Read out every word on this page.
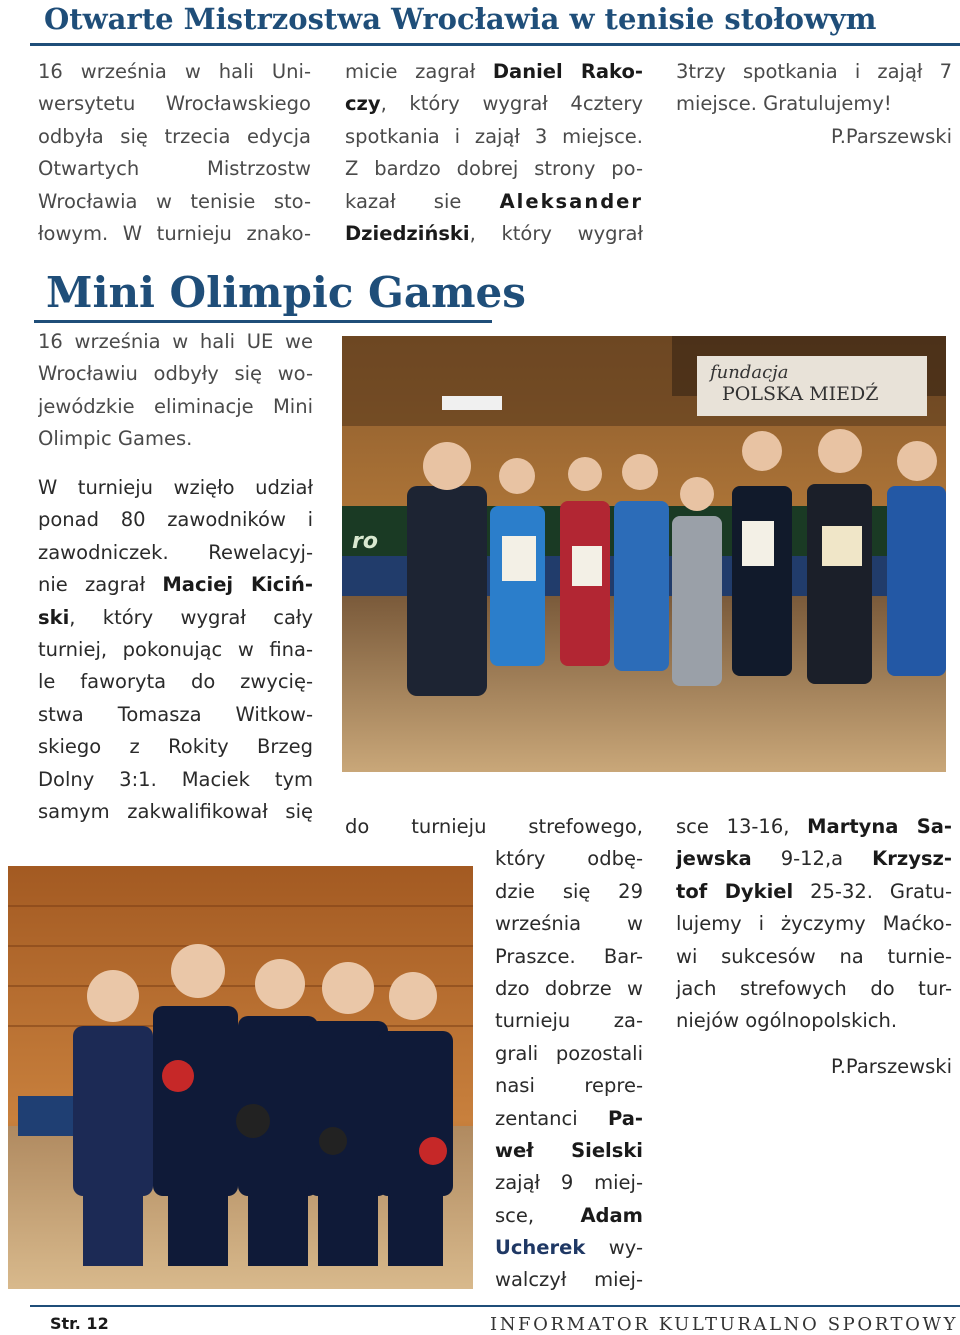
Otwarte Mistrzostwa Wrocławia w tenisie stołowym
16 września w hali Uni-
wersytetu Wrocławskiego
odbyła się trzecia edycja
Otwartych Mistrzostw
Wrocławia w tenisie sto-
łowym. W turnieju znako-
micie zagrał Daniel Rako-
czy, który wygrał 4cztery
spotkania i zajął 3 miejsce.
Z bardzo dobrej strony po-
kazał sie Aleksander
Dziedziński, który wygrał
3trzy spotkania i zajął 7
miejsce. Gratulujemy!
P.Parszewski
Mini Olimpic Games
16 września w hali UE we
Wrocławiu odbyły się wo-
jewódzkie eliminacje Mini
Olimpic Games.
W turnieju wzięło udział
ponad 80 zawodników i
zawodniczek. Rewelacyj-
nie zagrał Maciej Kiciń-
ski, który wygrał cały
turniej, pokonując w fina-
le faworyta do zwycię-
stwa Tomasza Witkow-
skiego z Rokity Brzeg
Dolny 3:1. Maciek tym
samym zakwalifikował się
do turnieju strefowego,
który odbę-
dzie się 29
września w
Praszce. Bar-
dzo dobrze w
turnieju za-
grali pozostali
nasi repre-
zentanci Pa-
weł Sielski
zajął 9 miej-
sce, Adam
Ucherek wy-
walczył miej-
sce 13-16, Martyna Sa-
jewska 9-12,a Krzysz-
tof Dykiel 25-32. Gratu-
lujemy i życzymy Maćko-
wi sukcesów na turnie-
jach strefowych do tur-
niejów ogólnopolskich.
P.Parszewski
fundacja
POLSKA MIEDŹ
ro
Str. 12	INFORMATOR KULTURALNO SPORTOWY
